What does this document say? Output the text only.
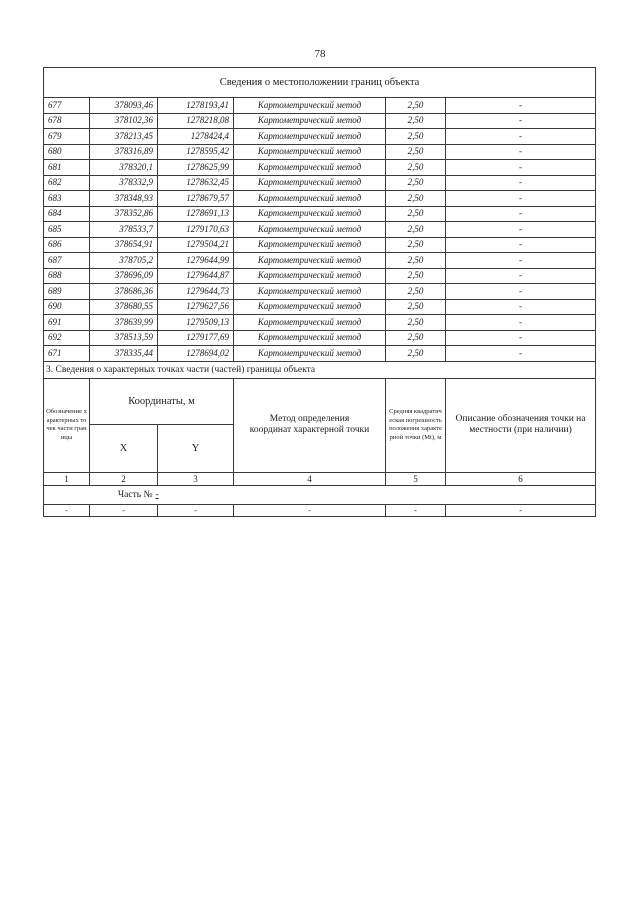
78
Сведения о местоположении границ объекта					
677	378093,46	1278193,41	Картометрический метод	2,50	-
678	378102,36	1278218,08	Картометрический метод	2,50	-
679	378213,45	1278424,4	Картометрический метод	2,50	-
680	378316,89	1278595,42	Картометрический метод	2,50	-
681	378320,1	1278625,99	Картометрический метод	2,50	-
682	378332,9	1278632,45	Картометрический метод	2,50	-
683	378348,93	1278679,57	Картометрический метод	2,50	-
684	378352,86	1278691,13	Картометрический метод	2,50	-
685	378533,7	1279170,63	Картометрический метод	2,50	-
686	378654,91	1279504,21	Картометрический метод	2,50	-
687	378705,2	1279644,99	Картометрический метод	2,50	-
688	378696,09	1279644,87	Картометрический метод	2,50	-
689	378686,36	1279644,73	Картометрический метод	2,50	-
690	378680,55	1279627,56	Картометрический метод	2,50	-
691	378639,99	1279509,13	Картометрический метод	2,50	-
692	378513,59	1279177,69	Картометрический метод	2,50	-
671	378335,44	1278694,02	Картометрический метод	2,50	-
3. Сведения о характерных точках части (частей) границы объекта					
Обозначение характерных точек части границы	Координаты, м		Метод определения координат характерной точки	Средняя квадратическая погрешность положения характерной точки (Мt), м	Описание обозначения точки на местности (при наличии)
	X	Y			
1	2	3	4	5	6
Часть № -					
-	-	-	-	-	-
